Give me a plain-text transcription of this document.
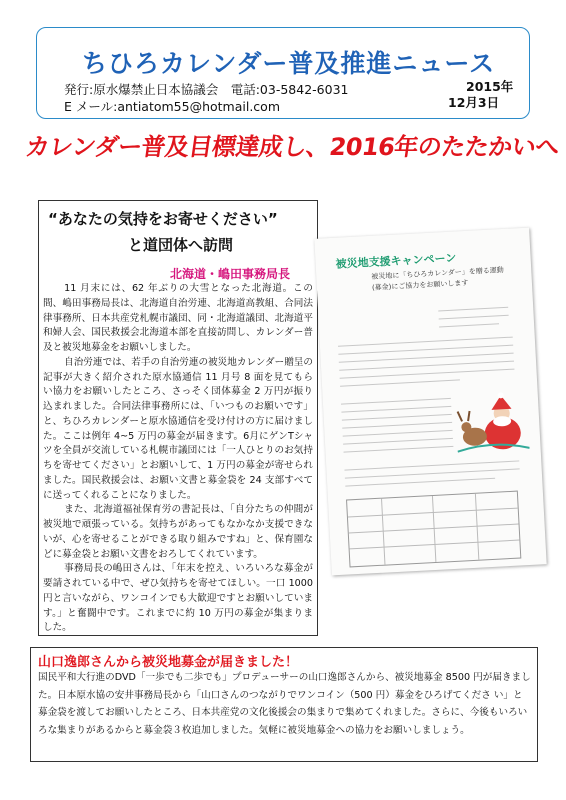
ちひろカレンダー普及推進ニュース
発行:原水爆禁止日本協議会　電話:03-5842-6031
E メール:antiatom55@hotmail.com
2015年
12月3日
カレンダー普及目標達成し、2016年のたたかいへ
“あなたの気持をお寄せください”
と道団体へ訪問
北海道・嶋田事務局長

11 月末には、62 年ぶりの大雪となった北海道。この間、嶋田事務局長は、北海道自治労連、北海道高教組、合同法律事務所、日本共産党札幌市議団、同・北海道議団、北海道平和婦人会、国民救援会北海道本部を直接訪問し、カレンダー普及と被災地募金をお願いしました。

自治労連では、若手の自治労連の被災地カレンダー贈呈の記事が大きく紹介された原水協通信 11 月号 8 面を見てもらい協力をお願いしたところ、さっそく団体募金 2 万円が振り込まれました。合同法律事務所には、「いつものお願いです」と、ちひろカレンダーと原水協通信を受け付けの方に届けました。ここは例年 4~5 万円の募金が届きます。6月にゲンTシャツを全員が交流している札幌市議団には「一人ひとりのお気持ちを寄せてください」とお願いして、1 万円の募金が寄せられました。国民救援会は、お願い文書と募金袋を 24 支部すべてに送ってくれることになりました。

また、北海道福祉保育労の書記長は、「自分たちの仲間が被災地で頑張っている。気持ちがあってもなかなか支援できないが、心を寄せることができる取り組みですね」と、保育園などに募金袋とお願い文書をおろしてくれています。

事務局長の嶋田さんは、「年末を控え、いろいろな募金が要請されている中で、ぜひ気持ちを寄せてほしい。一口 1000 円と言いながら、ワンコインでも大歓迎ですとお願いしています。」と奮闘中です。これまでに約 10 万円の募金が集まりました。

被災地支援キャンペーン
被災地に「ちひろカレンダー」を贈る運動
(募金)にご協力をお願いします
山口逸郎さんから被災地募金が届きました！

国民平和大行進のDVD「一歩でも二歩でも」プロデューサーの山口逸郎さんから、被災地募金 8500 円が届きました。日本原水協の安井事務局長から「山口さんのつながりでワンコイン（500 円）募金をひろげてくださ い」と募金袋を渡してお願いしたところ、日本共産党の文化後援会の集まりで集めてくれました。さらに、今後もいろいろな集まりがあるからと募金袋３枚追加しました。気軽に被災地募金への協力をお願いしましょう。
